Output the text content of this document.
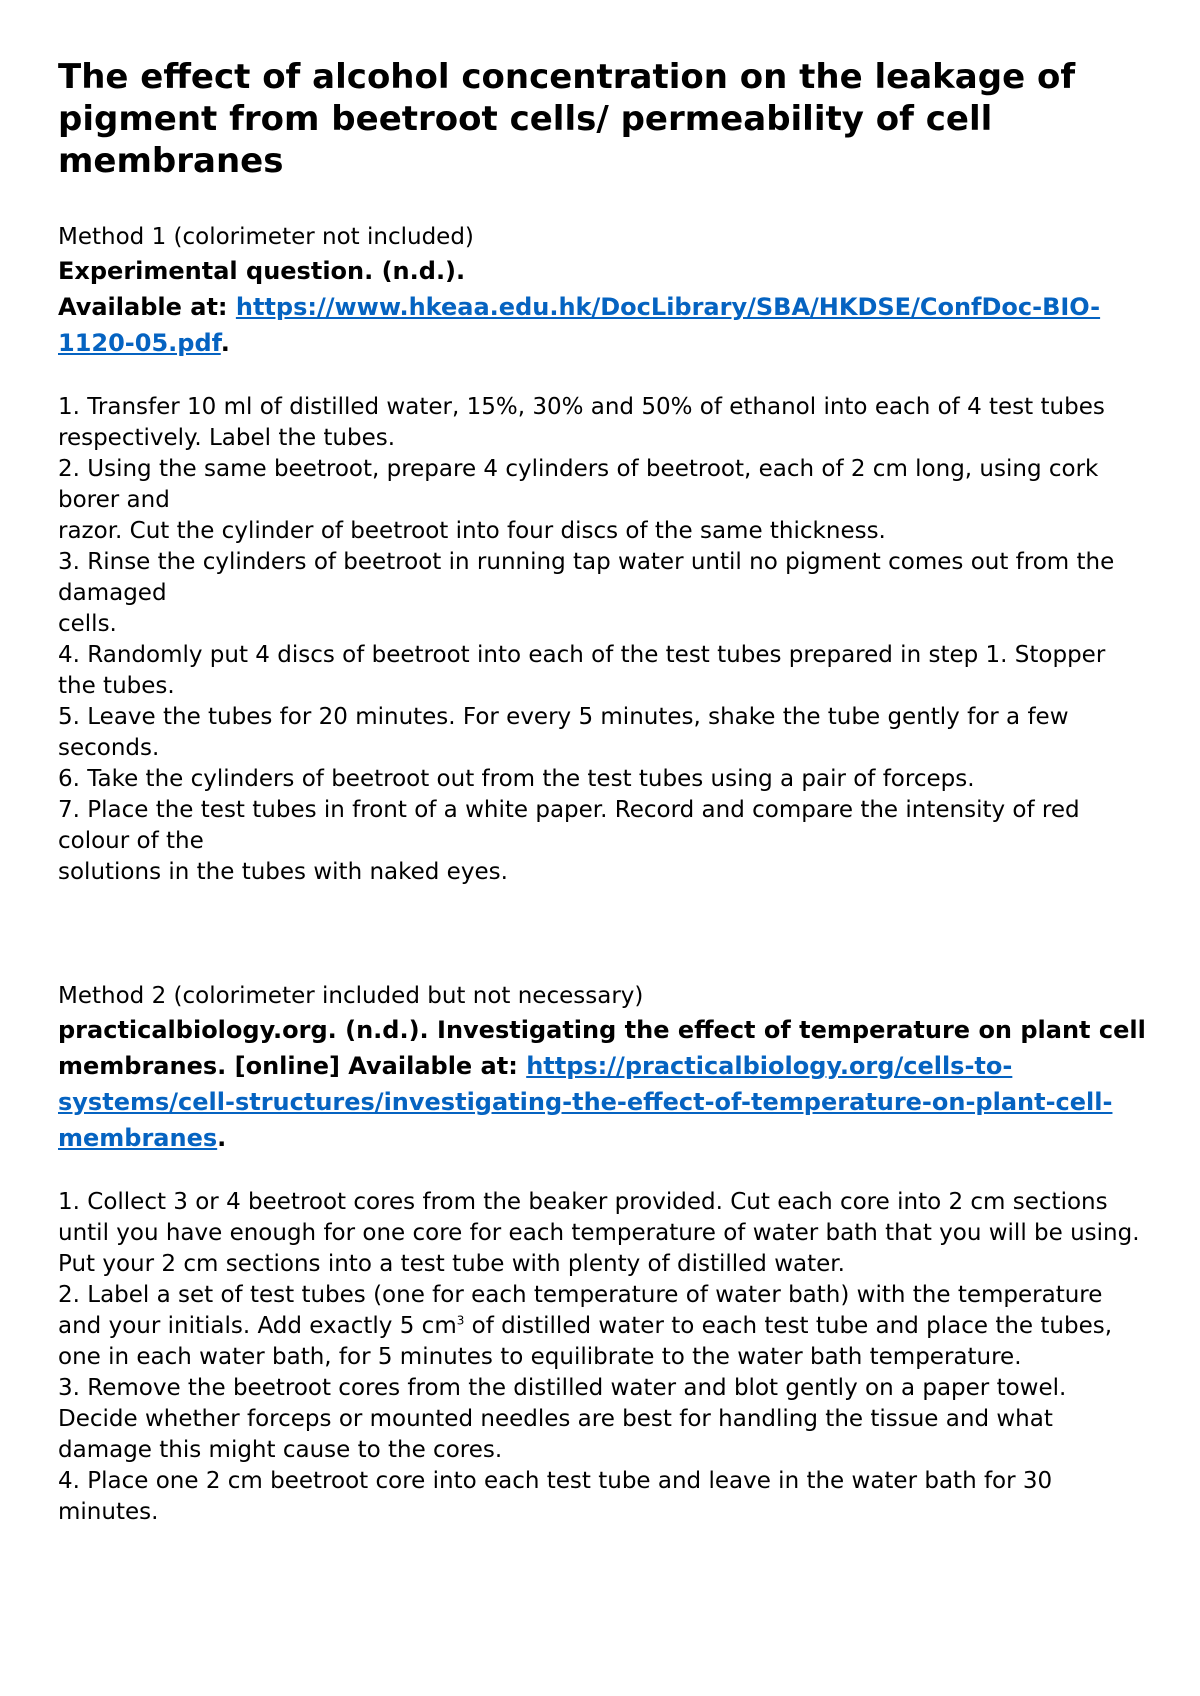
The effect of alcohol concentration on the leakage of pigment from beetroot cells/ permeability of cell membranes

Method 1 (colorimeter not included)

Experimental question. (n.d.).

Available at: https://www.hkeaa.edu.hk/DocLibrary/SBA/HKDSE/ConfDoc-BIO-1120-05.pdf.

1. Transfer 10 ml of distilled water, 15%, 30% and 50% of ethanol into each of 4 test tubes

respectively. Label the tubes.

2. Using the same beetroot, prepare 4 cylinders of beetroot, each of 2 cm long, using cork borer and

razor. Cut the cylinder of beetroot into four discs of the same thickness.

3. Rinse the cylinders of beetroot in running tap water until no pigment comes out from the damaged

cells.

4. Randomly put 4 discs of beetroot into each of the test tubes prepared in step 1. Stopper the tubes.

5. Leave the tubes for 20 minutes. For every 5 minutes, shake the tube gently for a few seconds.

6. Take the cylinders of beetroot out from the test tubes using a pair of forceps.

7. Place the test tubes in front of a white paper. Record and compare the intensity of red colour of the

solutions in the tubes with naked eyes.

Method 2 (colorimeter included but not necessary)

practicalbiology.org. (n.d.). Investigating the effect of temperature on plant cell membranes. [online] Available at: https://practicalbiology.org/cells-to-systems/cell-structures/investigating-the-effect-of-temperature-on-plant-cell-membranes.

1. Collect 3 or 4 beetroot cores from the beaker provided. Cut each core into 2 cm sections until you have enough for one core for each temperature of water bath that you will be using. Put your 2 cm sections into a test tube with plenty of distilled water.

2. Label a set of test tubes (one for each temperature of water bath) with the temperature and your initials. Add exactly 5 $cm^3$ of distilled water to each test tube and place the tubes, one in each water bath, for 5 minutes to equilibrate to the water bath temperature.

3. Remove the beetroot cores from the distilled water and blot gently on a paper towel. Decide whether forceps or mounted needles are best for handling the tissue and what damage this might cause to the cores.

4. Place one 2 cm beetroot core into each test tube and leave in the water bath for 30 minutes.
